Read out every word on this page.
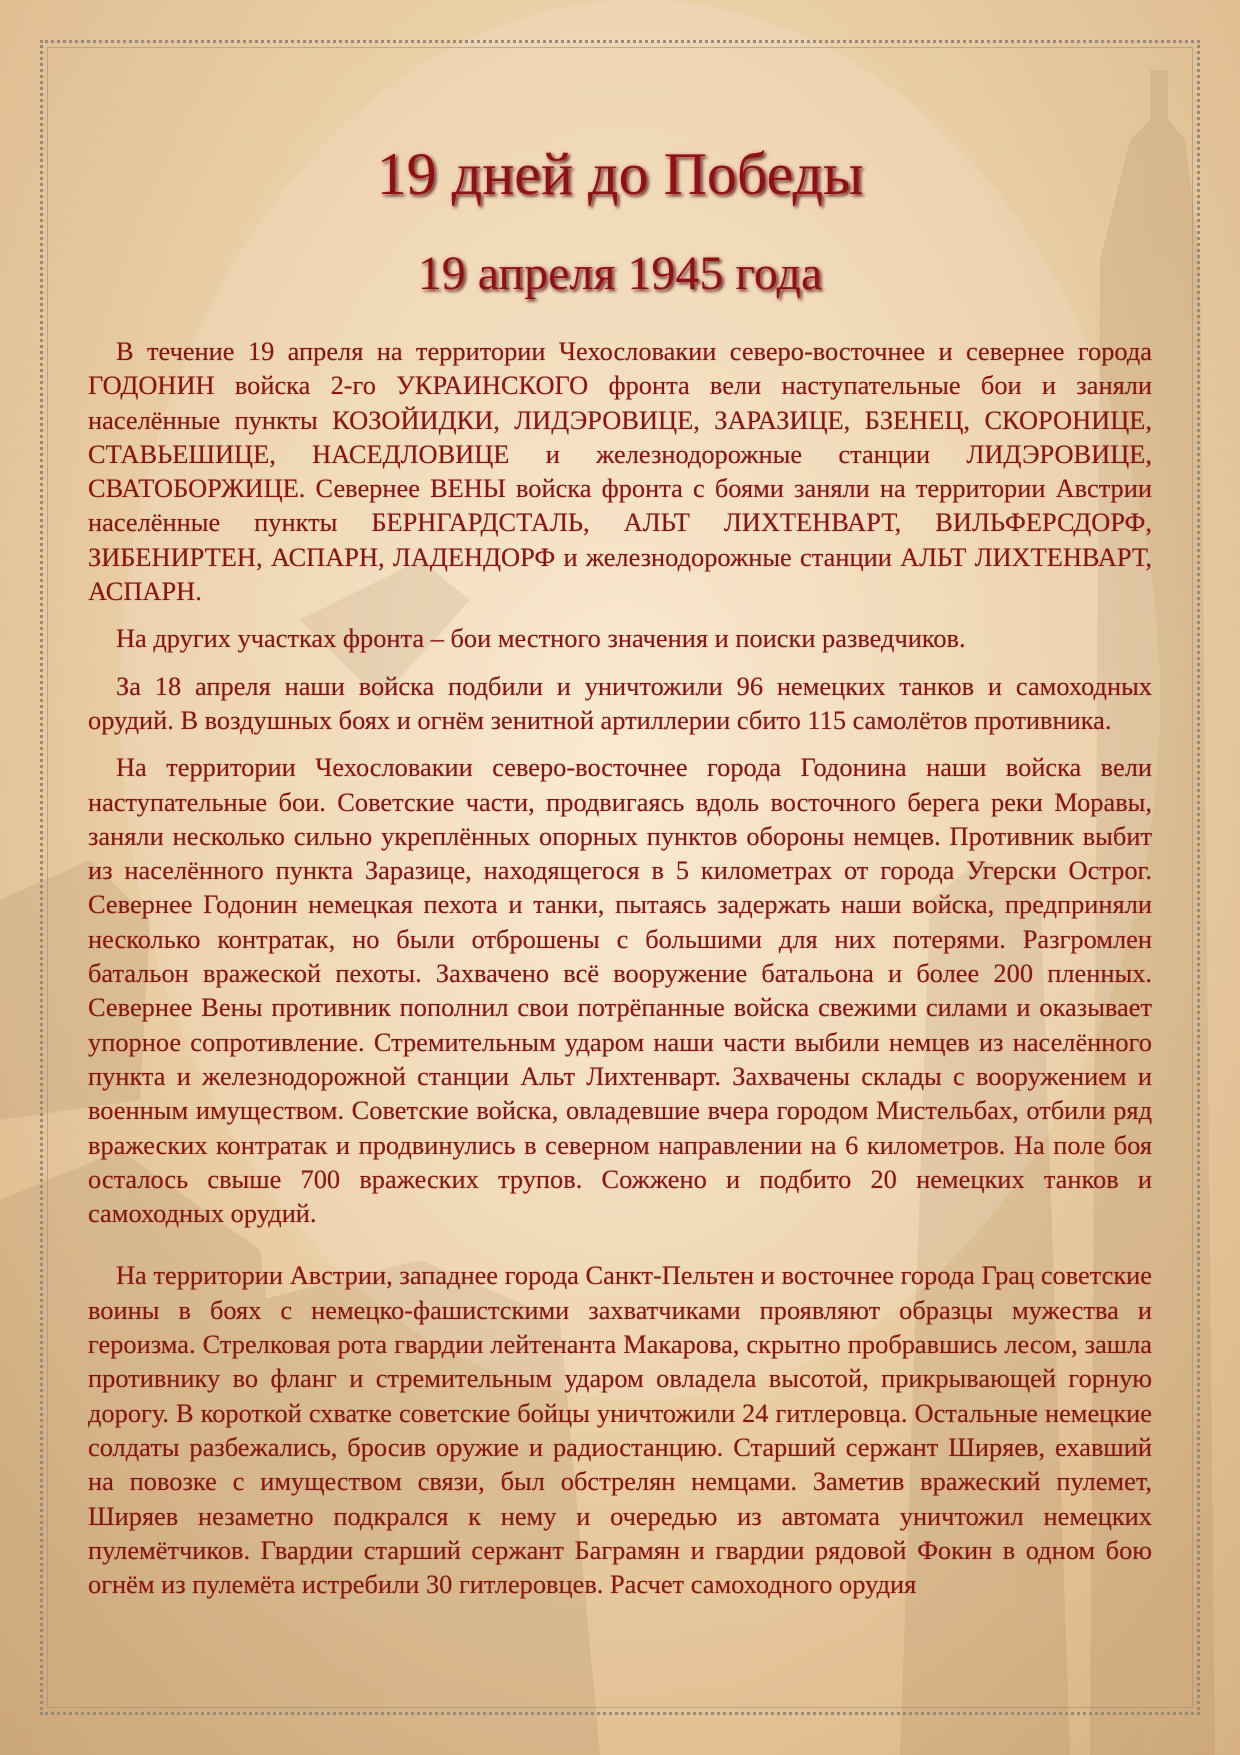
19 дней до Победы
19 апреля 1945 года

В течение 19 апреля на территории Чехословакии северо-восточнее и севернее города ГОДОНИН войска 2-го УКРАИНСКОГО фронта вели наступательные бои и заняли населённые пункты КОЗОЙИДКИ, ЛИДЭРОВИЦЕ, ЗАРАЗИЦЕ, БЗЕНЕЦ, СКОРОНИЦЕ, СТАВЬЕШИЦЕ, НАСЕДЛОВИЦЕ и железнодорожные станции ЛИДЭРОВИЦЕ, СВАТОБОРЖИЦЕ. Севернее ВЕНЫ войска фронта с боями заняли на территории Австрии населённые пункты БЕРНГАРДСТАЛЬ, АЛЬТ ЛИХТЕНВАРТ, ВИЛЬФЕРСДОРФ, ЗИБЕНИРТЕН, АСПАРН, ЛАДЕНДОРФ и железнодорожные станции АЛЬТ ЛИХТЕНВАРТ, АСПАРН.

На других участках фронта – бои местного значения и поиски разведчиков.

За 18 апреля наши войска подбили и уничтожили 96 немецких танков и самоходных орудий. В воздушных боях и огнём зенитной артиллерии сбито 115 самолётов противника.

На территории Чехословакии северо-восточнее города Годонина наши войска вели наступательные бои. Советские части, продвигаясь вдоль восточного берега реки Моравы, заняли несколько сильно укреплённых опорных пунктов обороны немцев. Противник выбит из населённого пункта Заразице, находящегося в 5 километрах от города Угерски Острог. Севернее Годонин немецкая пехота и танки, пытаясь задержать наши войска, предприняли несколько контратак, но были отброшены с большими для них потерями. Разгромлен батальон вражеской пехоты. Захвачено всё вооружение батальона и более 200 пленных. Севернее Вены противник пополнил свои потрёпанные войска свежими силами и оказывает упорное сопротивление. Стремительным ударом наши части выбили немцев из населённого пункта и железнодорожной станции Альт Лихтенварт. Захвачены склады с вооружением и военным имуществом. Советские войска, овладевшие вчера городом Мистельбах, отбили ряд вражеских контратак и продвинулись в северном направлении на 6 километров. На поле боя осталось свыше 700 вражеских трупов. Сожжено и подбито 20 немецких танков и самоходных орудий.

На территории Австрии, западнее города Санкт-Пельтен и восточнее города Грац советские воины в боях с немецко-фашистскими захватчиками проявляют образцы мужества и героизма. Стрелковая рота гвардии лейтенанта Макарова, скрытно пробравшись лесом, зашла противнику во фланг и стремительным ударом овладела высотой, прикрывающей горную дорогу. В короткой схватке советские бойцы уничтожили 24 гитлеровца. Остальные немецкие солдаты разбежались, бросив оружие и радиостанцию. Старший сержант Ширяев, ехавший на повозке с имуществом связи, был обстрелян немцами. Заметив вражеский пулемет, Ширяев незаметно подкрался к нему и очередью из автомата уничтожил немецких пулемётчиков. Гвардии старший сержант Баграмян и гвардии рядовой Фокин в одном бою огнём из пулемёта истребили 30 гитлеровцев. Расчет самоходного орудия
